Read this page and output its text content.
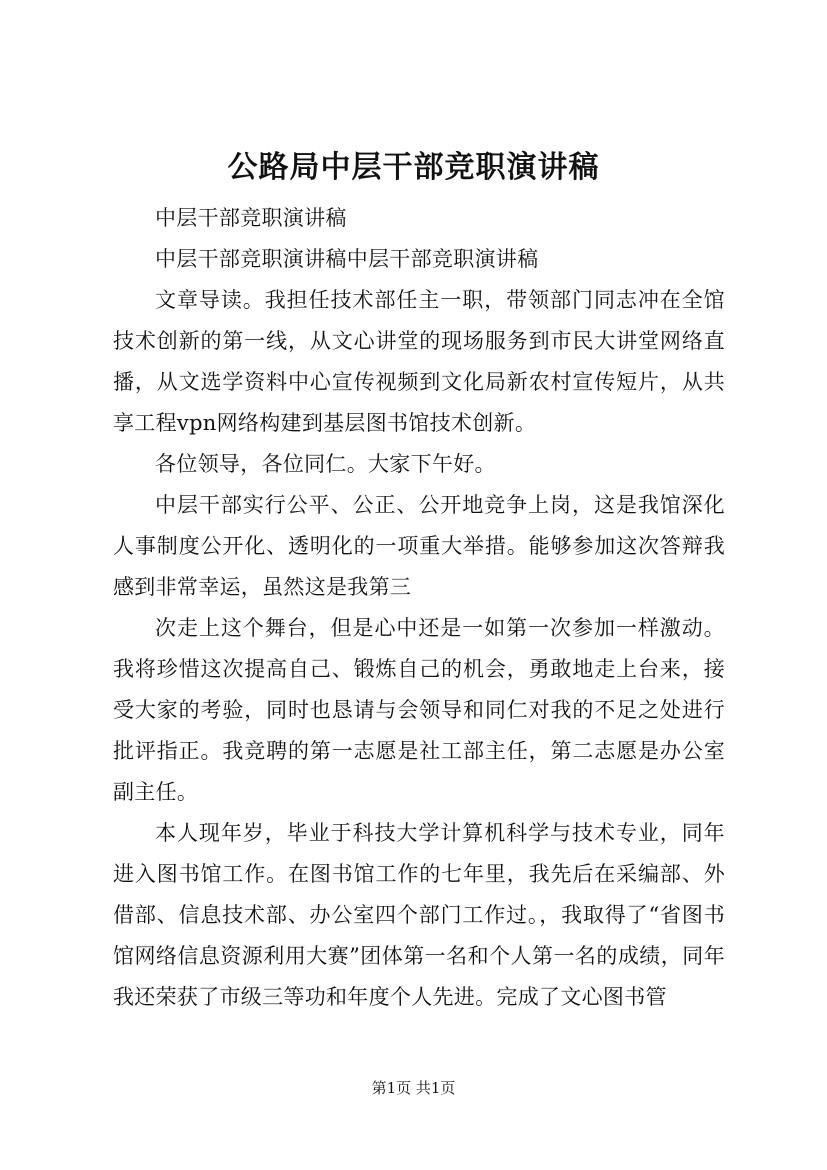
公路局中层干部竞职演讲稿

中层干部竞职演讲稿

中层干部竞职演讲稿中层干部竞职演讲稿

文章导读。我担任技术部任主一职，带领部门同志冲在全馆技术创新的第一线，从文心讲堂的现场服务到市民大讲堂网络直播，从文选学资料中心宣传视频到文化局新农村宣传短片，从共享工程vpn网络构建到基层图书馆技术创新。

各位领导，各位同仁。大家下午好。

中层干部实行公平、公正、公开地竞争上岗，这是我馆深化人事制度公开化、透明化的一项重大举措。能够参加这次答辩我感到非常幸运，虽然这是我第三

次走上这个舞台，但是心中还是一如第一次参加一样激动。我将珍惜这次提高自己、锻炼自己的机会，勇敢地走上台来，接受大家的考验，同时也恳请与会领导和同仁对我的不足之处进行批评指正。我竞聘的第一志愿是社工部主任，第二志愿是办公室副主任。

本人现年岁，毕业于科技大学计算机科学与技术专业，同年进入图书馆工作。在图书馆工作的七年里，我先后在采编部、外借部、信息技术部、办公室四个部门工作过。，我取得了“省图书馆网络信息资源利用大赛”团体第一名和个人第一名的成绩，同年我还荣获了市级三等功和年度个人先进。完成了文心图书管

第1页 共1页
